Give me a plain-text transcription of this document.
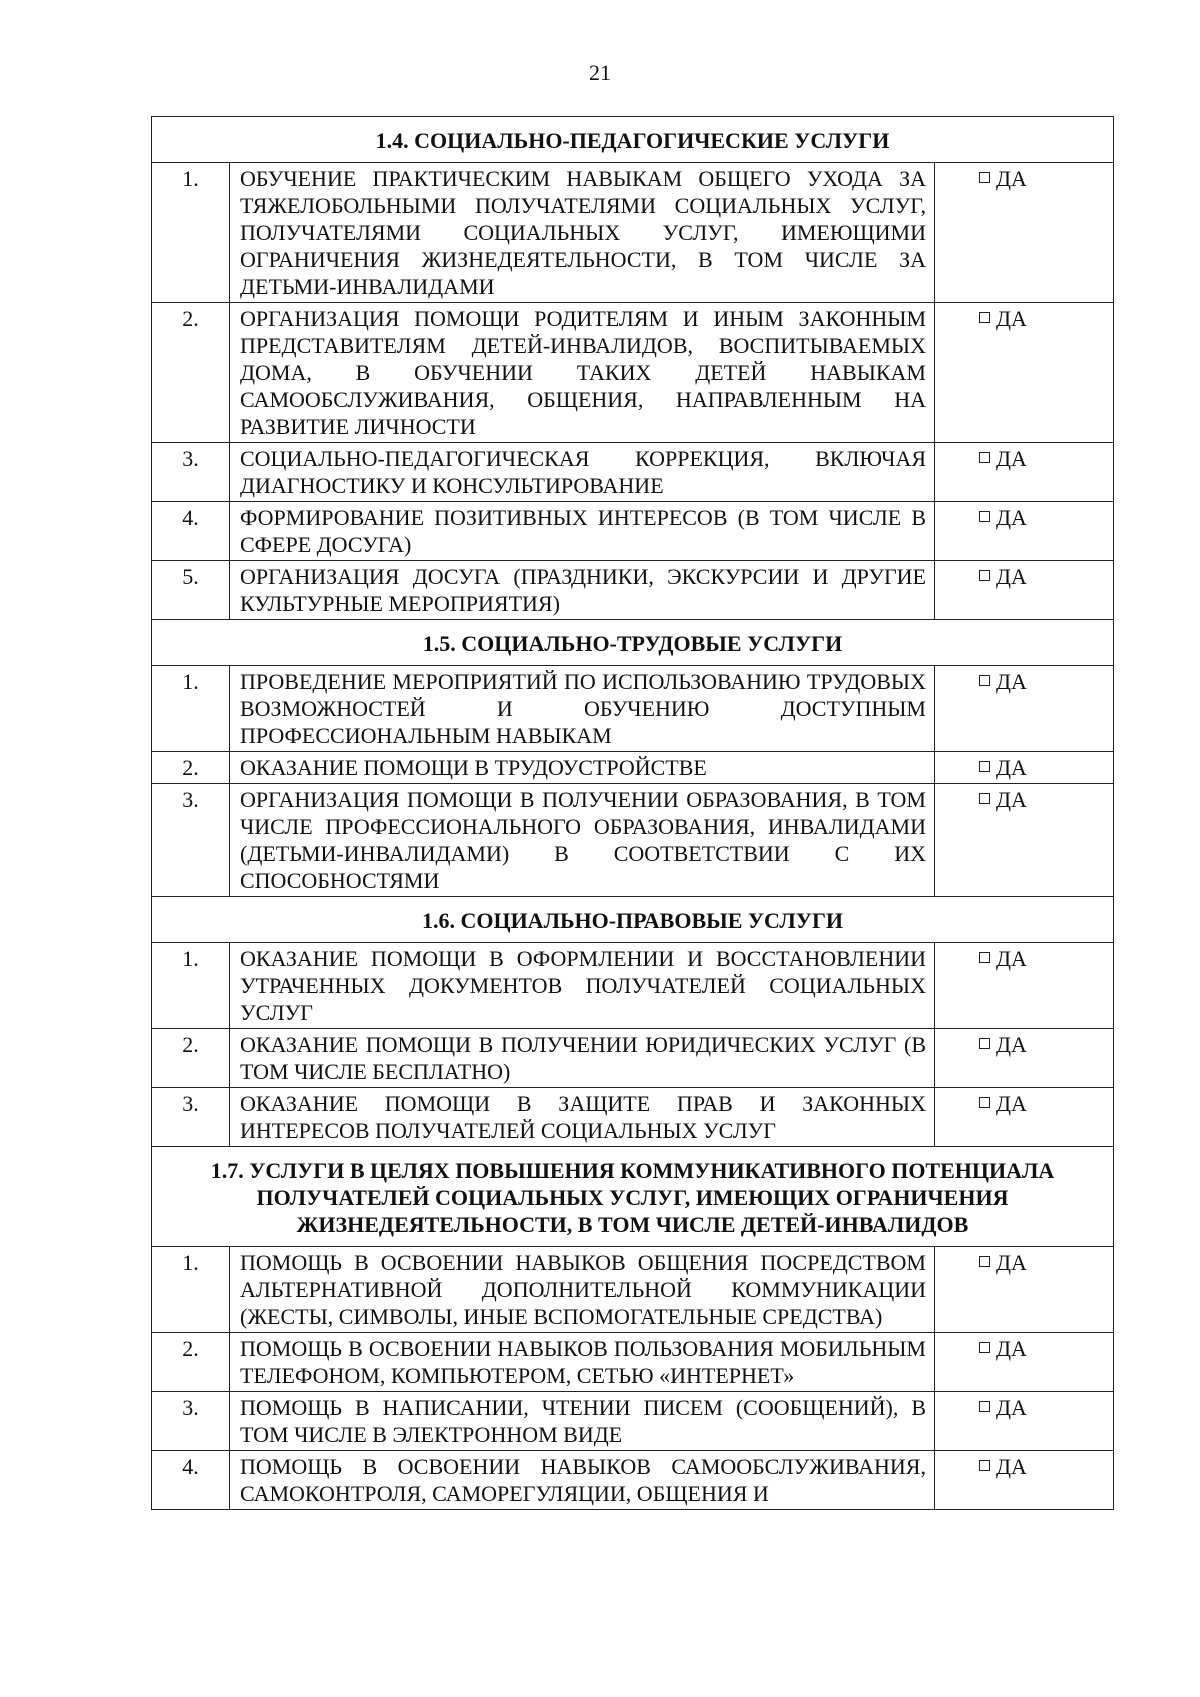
21
1.4. СОЦИАЛЬНО-ПЕДАГОГИЧЕСКИЕ УСЛУГИ		
1.	ОБУЧЕНИЕ ПРАКТИЧЕСКИМ НАВЫКАМ ОБЩЕГО УХОДА ЗА ТЯЖЕЛОБОЛЬНЫМИ ПОЛУЧАТЕЛЯМИ СОЦИАЛЬНЫХ УСЛУГ, ПОЛУЧАТЕЛЯМИ СОЦИАЛЬНЫХ УСЛУГ, ИМЕЮЩИМИ ОГРАНИЧЕНИЯ ЖИЗНЕДЕЯТЕЛЬНОСТИ, В ТОМ ЧИСЛЕ ЗА ДЕТЬМИ-ИНВАЛИДАМИ	ДА
2.	ОРГАНИЗАЦИЯ ПОМОЩИ РОДИТЕЛЯМ И ИНЫМ ЗАКОННЫМ ПРЕДСТАВИТЕЛЯМ ДЕТЕЙ-ИНВАЛИДОВ, ВОСПИТЫВАЕМЫХ ДОМА, В ОБУЧЕНИИ ТАКИХ ДЕТЕЙ НАВЫКАМ САМООБСЛУЖИВАНИЯ, ОБЩЕНИЯ, НАПРАВЛЕННЫМ НА РАЗВИТИЕ ЛИЧНОСТИ	ДА
3.	СОЦИАЛЬНО-ПЕДАГОГИЧЕСКАЯ КОРРЕКЦИЯ, ВКЛЮЧАЯ ДИАГНОСТИКУ И КОНСУЛЬТИРОВАНИЕ	ДА
4.	ФОРМИРОВАНИЕ ПОЗИТИВНЫХ ИНТЕРЕСОВ (В ТОМ ЧИСЛЕ В СФЕРЕ ДОСУГА)	ДА
5.	ОРГАНИЗАЦИЯ ДОСУГА (ПРАЗДНИКИ, ЭКСКУРСИИ И ДРУГИЕ КУЛЬТУРНЫЕ МЕРОПРИЯТИЯ)	ДА
1.5. СОЦИАЛЬНО-ТРУДОВЫЕ УСЛУГИ		
1.	ПРОВЕДЕНИЕ МЕРОПРИЯТИЙ ПО ИСПОЛЬЗОВАНИЮ ТРУДОВЫХ ВОЗМОЖНОСТЕЙ И ОБУЧЕНИЮ ДОСТУПНЫМ ПРОФЕССИОНАЛЬНЫМ НАВЫКАМ	ДА
2.	ОКАЗАНИЕ ПОМОЩИ В ТРУДОУСТРОЙСТВЕ	ДА
3.	ОРГАНИЗАЦИЯ ПОМОЩИ В ПОЛУЧЕНИИ ОБРАЗОВАНИЯ, В ТОМ ЧИСЛЕ ПРОФЕССИОНАЛЬНОГО ОБРАЗОВАНИЯ, ИНВАЛИДАМИ (ДЕТЬМИ-ИНВАЛИДАМИ) В СООТВЕТСТВИИ С ИХ СПОСОБНОСТЯМИ	ДА
1.6. СОЦИАЛЬНО-ПРАВОВЫЕ УСЛУГИ		
1.	ОКАЗАНИЕ ПОМОЩИ В ОФОРМЛЕНИИ И ВОССТАНОВЛЕНИИ УТРАЧЕННЫХ ДОКУМЕНТОВ ПОЛУЧАТЕЛЕЙ СОЦИАЛЬНЫХ УСЛУГ	ДА
2.	ОКАЗАНИЕ ПОМОЩИ В ПОЛУЧЕНИИ ЮРИДИЧЕСКИХ УСЛУГ (В ТОМ ЧИСЛЕ БЕСПЛАТНО)	ДА
3.	ОКАЗАНИЕ ПОМОЩИ В ЗАЩИТЕ ПРАВ И ЗАКОННЫХ ИНТЕРЕСОВ ПОЛУЧАТЕЛЕЙ СОЦИАЛЬНЫХ УСЛУГ	ДА
1.7. УСЛУГИ В ЦЕЛЯХ ПОВЫШЕНИЯ КОММУНИКАТИВНОГО ПОТЕНЦИАЛА ПОЛУЧАТЕЛЕЙ СОЦИАЛЬНЫХ УСЛУГ, ИМЕЮЩИХ ОГРАНИЧЕНИЯ ЖИЗНЕДЕЯТЕЛЬНОСТИ, В ТОМ ЧИСЛЕ ДЕТЕЙ-ИНВАЛИДОВ		
1.	ПОМОЩЬ В ОСВОЕНИИ НАВЫКОВ ОБЩЕНИЯ ПОСРЕДСТВОМ АЛЬТЕРНАТИВНОЙ ДОПОЛНИТЕЛЬНОЙ КОММУНИКАЦИИ (ЖЕСТЫ, СИМВОЛЫ, ИНЫЕ ВСПОМОГАТЕЛЬНЫЕ СРЕДСТВА)	ДА
2.	ПОМОЩЬ В ОСВОЕНИИ НАВЫКОВ ПОЛЬЗОВАНИЯ МОБИЛЬНЫМ ТЕЛЕФОНОМ, КОМПЬЮТЕРОМ, СЕТЬЮ «ИНТЕРНЕТ»	ДА
3.	ПОМОЩЬ В НАПИСАНИИ, ЧТЕНИИ ПИСЕМ (СООБЩЕНИЙ), В ТОМ ЧИСЛЕ В ЭЛЕКТРОННОМ ВИДЕ	ДА
4.	ПОМОЩЬ В ОСВОЕНИИ НАВЫКОВ САМООБСЛУЖИВАНИЯ, САМОКОНТРОЛЯ, САМОРЕГУЛЯЦИИ, ОБЩЕНИЯ И	ДА
